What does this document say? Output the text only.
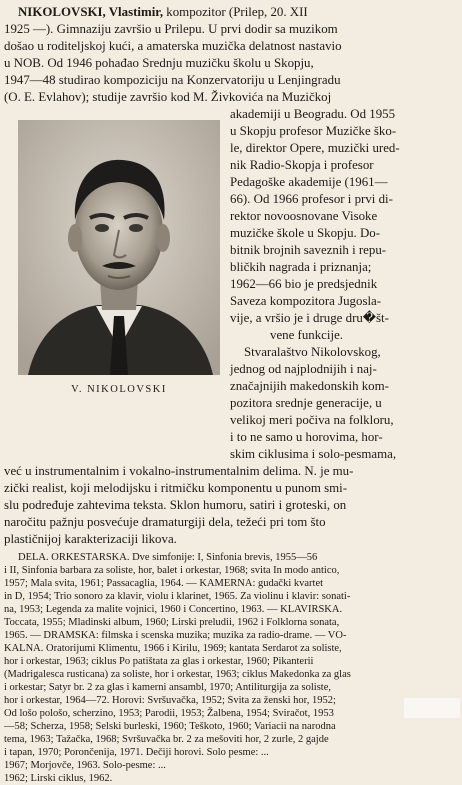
NIKOLOVSKI, Vlastimir, kompozitor (Prilep, 20. XII
1925 —). Gimnaziju završio u Prilepu. U prvi dodir sa muzikom
došao u roditeljskoj kući, a amaterska muzička delatnost nastavio
u NOB. Od 1946 pohađao Srednju muzičku školu u Skopju,
1947—48 studirao kompoziciju na Konzervatoriju u Lenjingradu
(O. E. Evlahov); studije završio kod M. Živkovića na Muzičkoj
V. NIKOLOVSKI
akademiji u Beogradu. Od 1955
u Skopju profesor Muzičke ško-
le, direktor Opere, muzički ured-
nik Radio-Skopja i profesor
Pedagoške akademije (1961—
66). Od 1966 profesor i prvi di-
rektor novoosnovane Visoke
muzičke škole u Skopju. Do-
bitnik brojnih saveznih i repu-
bličkih nagrada i priznanja;
1962—66 bio je predsjednik
Saveza kompozitora Jugosla-
vije, a vršio je i druge dru�št-
vene funkcije.
Stvaralaštvo Nikolovskog,
jednog od najplodnijih i naj-
značajnijih makedonskih kom-
pozitora srednje generacije, u
velikoj meri počiva na folkloru,
i to ne samo u horovima, hor-
skim ciklusima i solo-pesmama,
već u instrumentalnim i vokalno-instrumentalnim delima. N. je mu-
zički realist, koji melodijsku i ritmičku komponentu u punom smi-
slu podređuje zahtevima teksta. Sklon humoru, satiri i groteski, on
naročitu pažnju posvećuje dramaturgiji dela, težeći pri tom što
plastičnijoj karakterizaciji likova.
DELA. ORKESTARSKA. Dve simfonije: I, Sinfonia brevis, 1955—56
i II, Sinfonia barbara za soliste, hor, balet i orkestar, 1968; svita In modo antico,
1957; Mala svita, 1961; Passacaglia, 1964. — KAMERNA: gudački kvartet
in D, 1954; Trio sonoro za klavir, violu i klarinet, 1965. Za violinu i klavir: sonati-
na, 1953; Legenda za malite vojnici, 1960 i Concertino, 1963. — KLAVIRSKA.
Toccata, 1955; Mladinski album, 1960; Lirski preludii, 1962 i Folklorna sonata,
1965. — DRAMSKA: filmska i scenska muzika; muzika za radio-drame. — VO-
KALNA. Oratorijumi Klimentu, 1966 i Kirilu, 1969; kantata Serdarot za soliste,
hor i orkestar, 1963; ciklus Po patištata za glas i orkestar, 1960; Pikanterii
(Madrigalesca rusticana) za soliste, hor i orkestar, 1963; ciklus Makedonka za glas
i orkestar; Satyr br. 2 za glas i kamerni ansambl, 1970; Antiliturgija za soliste,
hor i orkestar, 1964—72. Horovi: Svršuvačka, 1952; Svita za ženski hor, 1952;
Od lošo pološo, scherzino, 1953; Parodii, 1953; Žalbena, 1954; Sviračot, 1953
—58; Scherza, 1958; Selski burleski, 1960; Teškoto, 1960; Variacii na narodna
tema, 1963; Tažačka, 1968; Svršuvačka br. 2 za mešoviti hor, 2 zurle, 2 gajde
i tapan, 1970; Porončenija, 1971. Dečiji horovi. Solo pesme: ...
1967; Morjovče, 1963. Solo-pesme: ...
1962; Lirski ciklus, 1962.
